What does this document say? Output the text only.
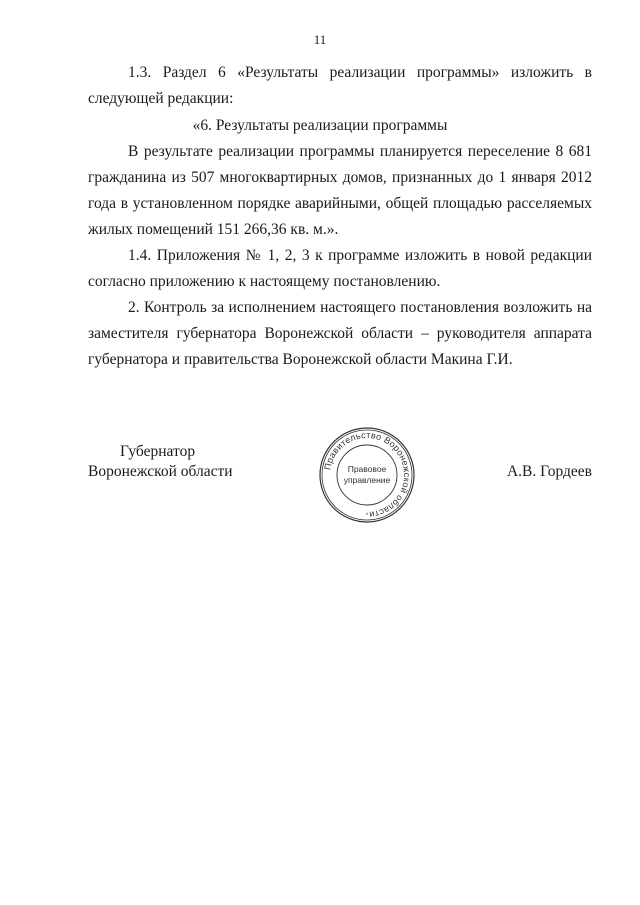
11

1.3. Раздел 6 «Результаты реализации программы» изложить в следующей редакции:

«6. Результаты реализации программы

В результате реализации программы планируется переселение 8 681 гражданина из 507 многоквартирных домов, признанных до 1 января 2012 года в установленном порядке аварийными, общей площадью расселяемых жилых помещений 151 266,36 кв. м.».

1.4. Приложения № 1, 2, 3 к программе изложить в новой редакции согласно приложению к настоящему постановлению.

2. Контроль за исполнением настоящего постановления возложить на заместителя губернатора Воронежской области – руководителя аппарата губернатора и правительства Воронежской области Макина Г.И.

Губернатор
Воронежской области	Правительство Воронежской области
Правовое
управление
*
А.В. Гордеев
